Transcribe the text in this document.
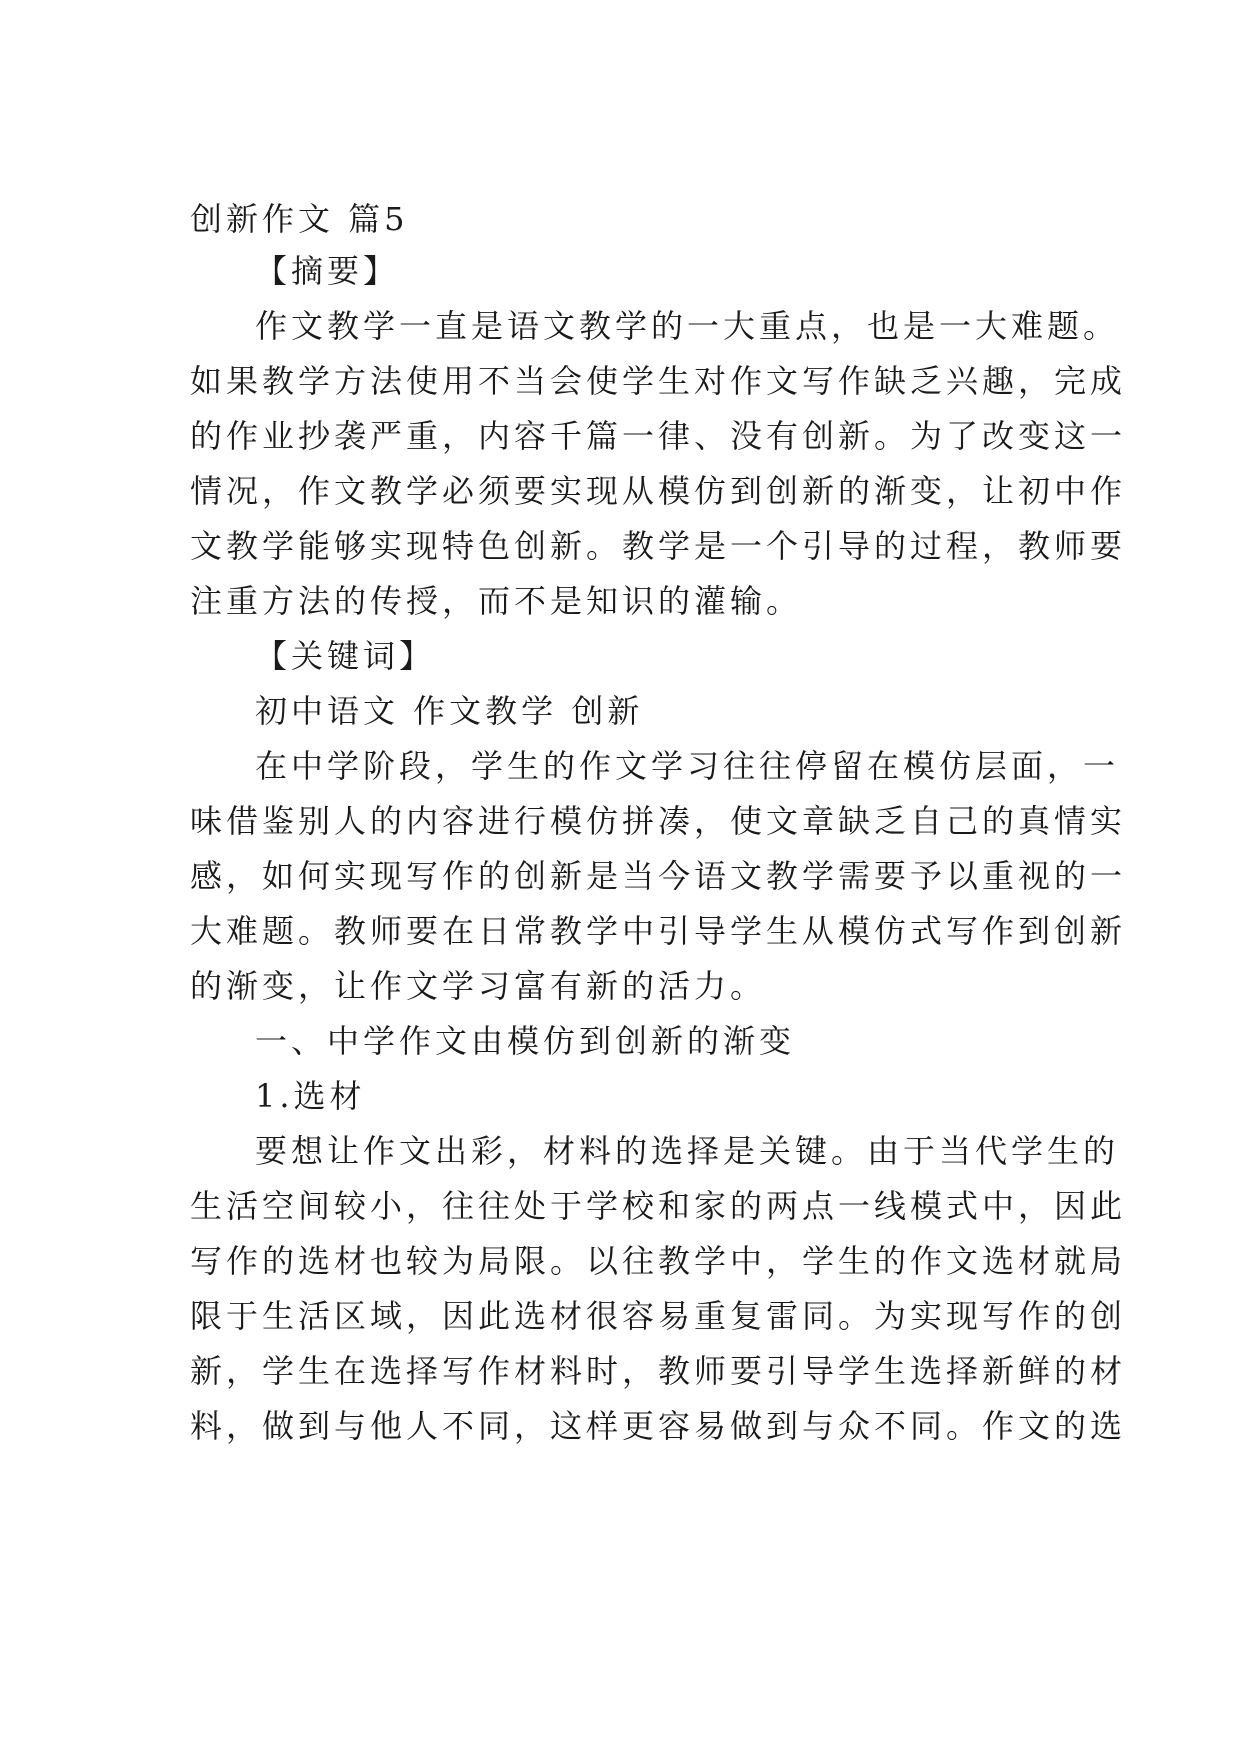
创新作文 篇5
【摘要】
作文教学一直是语文教学的一大重点，也是一大难题。
如果教学方法使用不当会使学生对作文写作缺乏兴趣，完成
的作业抄袭严重，内容千篇一律、没有创新。为了改变这一
情况，作文教学必须要实现从模仿到创新的渐变，让初中作
文教学能够实现特色创新。教学是一个引导的过程，教师要
注重方法的传授，而不是知识的灌输。
【关键词】
初中语文 作文教学 创新
在中学阶段，学生的作文学习往往停留在模仿层面，一
味借鉴别人的内容进行模仿拼凑，使文章缺乏自己的真情实
感，如何实现写作的创新是当今语文教学需要予以重视的一
大难题。教师要在日常教学中引导学生从模仿式写作到创新
的渐变，让作文学习富有新的活力。
一、中学作文由模仿到创新的渐变
1.选材
要想让作文出彩，材料的选择是关键。由于当代学生的
生活空间较小，往往处于学校和家的两点一线模式中，因此
写作的选材也较为局限。以往教学中，学生的作文选材就局
限于生活区域，因此选材很容易重复雷同。为实现写作的创
新，学生在选择写作材料时，教师要引导学生选择新鲜的材
料，做到与他人不同，这样更容易做到与众不同。作文的选
